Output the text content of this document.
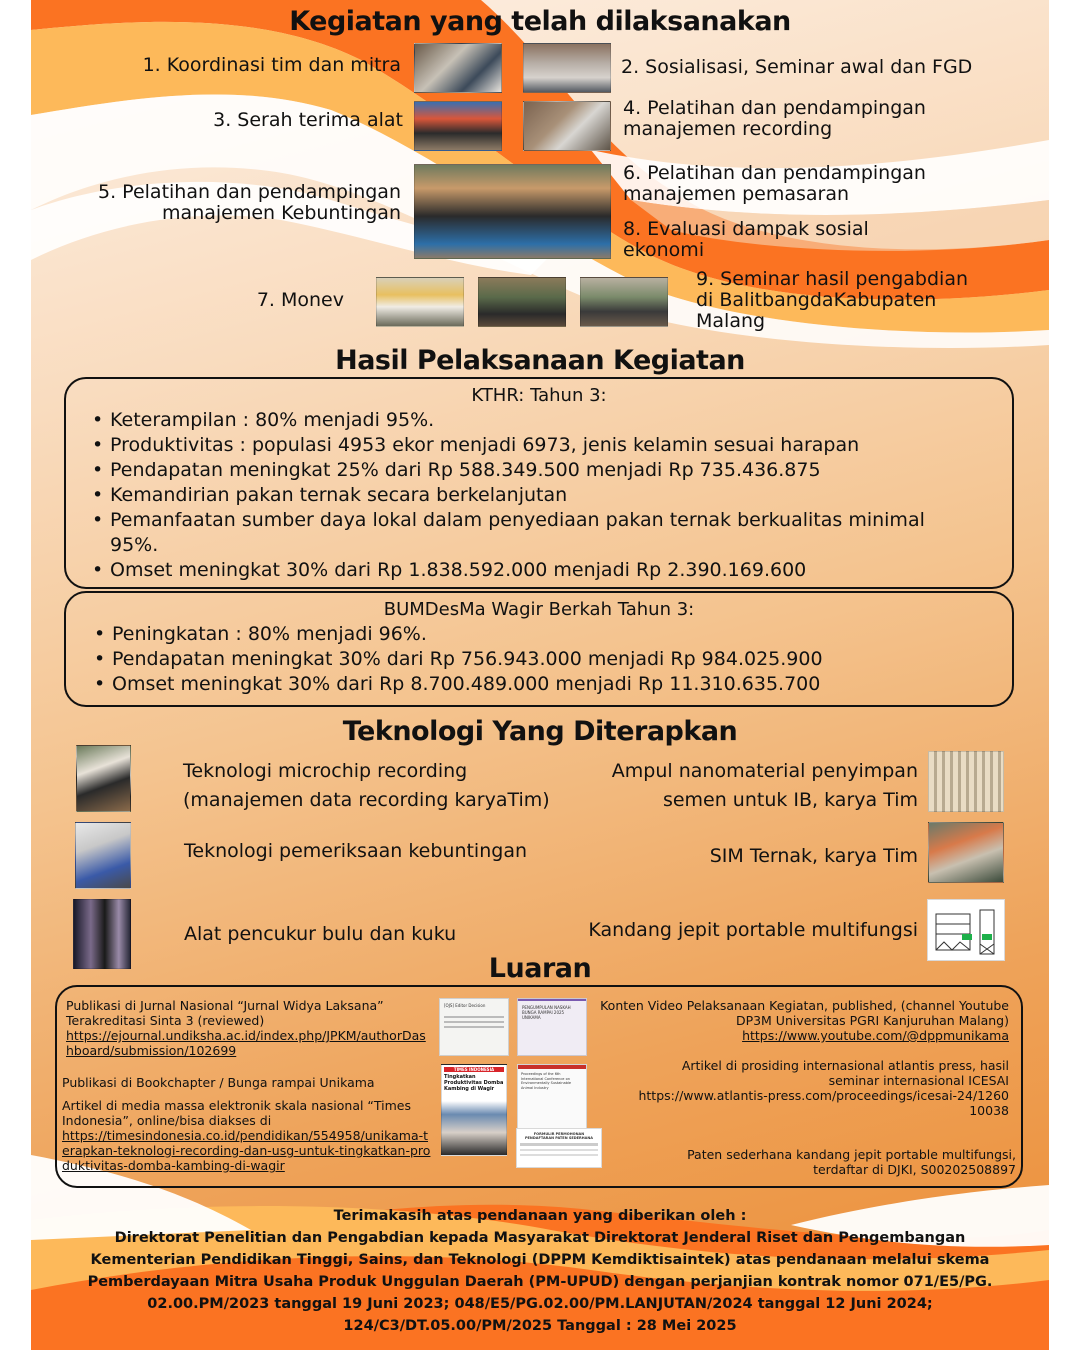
Kegiatan yang telah dilaksanakan
1. Koordinasi tim dan mitra	2. Sosialisasi, Seminar awal dan FGD
3. Serah terima alat
4. Pelatihan dan pendampingan
manajemen recording
5. Pelatihan dan pendampingan
manajemen Kebuntingan
6. Pelatihan dan pendampingan
manajemen pemasaran
8. Evaluasi dampak sosial
ekonomi
7. Monev
9. Seminar hasil pengabdian
di BalitbangdaKabupaten
Malang
Hasil Pelaksanaan Kegiatan
KTHR: Tahun 3:
• Keterampilan : 80% menjadi 95%.
• Produktivitas : populasi 4953 ekor menjadi 6973, jenis kelamin sesuai harapan
• Pendapatan meningkat 25% dari Rp 588.349.500 menjadi Rp 735.436.875
• Kemandirian pakan ternak secara berkelanjutan
• Pemanfaatan sumber daya lokal dalam penyediaan pakan ternak berkualitas minimal 95%.
• Omset meningkat 30% dari Rp 1.838.592.000 menjadi Rp 2.390.169.600
BUMDesMa Wagir Berkah Tahun 3:
• Peningkatan : 80% menjadi 96%.
• Pendapatan meningkat 30% dari Rp 756.943.000 menjadi Rp 984.025.900
• Omset meningkat 30% dari Rp 8.700.489.000 menjadi Rp 11.310.635.700
Teknologi Yang Diterapkan
Teknologi microchip recording
(manajemen data recording karyaTim)
Teknologi pemeriksaan kebuntingan
Alat pencukur bulu dan kuku
Ampul nanomaterial penyimpan
semen untuk IB, karya Tim
SIM Ternak, karya Tim
Kandang jepit portable multifungsi
Luaran
Publikasi di Jurnal Nasional “Jurnal Widya Laksana” Terakreditasi Sinta 3 (reviewed)
https://ejournal.undiksha.ac.id/index.php/JPKM/authorDashboard/submission/102699
Publikasi di Bookchapter / Bunga rampai Unikama
Artikel di media massa elektronik skala nasional “Times Indonesia”, online/bisa diakses di
https://timesindonesia.co.id/pendidikan/554958/unikama-terapkan-teknologi-recording-dan-usg-untuk-tingkatkan-produktivitas-domba-kambing-di-wagir
[OJS] Editor Decision	PENGUMPULAN NASKAH BUNGA RAMPAI 2025 UNIKAMA
TIMES INDONESIA
Tingkatkan Produktivitas Domba Kambing di Wagir
Proceedings of the 6th International Conference on Environmentally Sustainable Animal Industry
FORMULIR PERMOHONAN PENDAFTARAN PATEN SEDERHANA
Konten Video Pelaksanaan Kegiatan, published, (channel Youtube DP3M Universitas PGRI Kanjuruhan Malang)
https://www.youtube.com/@dppmunikama
Artikel di prosiding internasional atlantis press, hasil seminar internasional ICESAI
https://www.atlantis-press.com/proceedings/icesai-24/126010038
Paten sederhana kandang jepit portable multifungsi, terdaftar di DJKI, S00202508897
Terimakasih atas pendanaan yang diberikan oleh :
Direktorat Penelitian dan Pengabdian kepada Masyarakat Direktorat Jenderal Riset dan Pengembangan
Kementerian Pendidikan Tinggi, Sains, dan Teknologi (DPPM Kemdiktisaintek) atas pendanaan melalui skema
Pemberdayaan Mitra Usaha Produk Unggulan Daerah (PM-UPUD) dengan perjanjian kontrak nomor 071/E5/PG.
02.00.PM/2023 tanggal 19 Juni 2023; 048/E5/PG.02.00/PM.LANJUTAN/2024 tanggal 12 Juni 2024;
124/C3/DT.05.00/PM/2025 Tanggal : 28 Mei 2025
